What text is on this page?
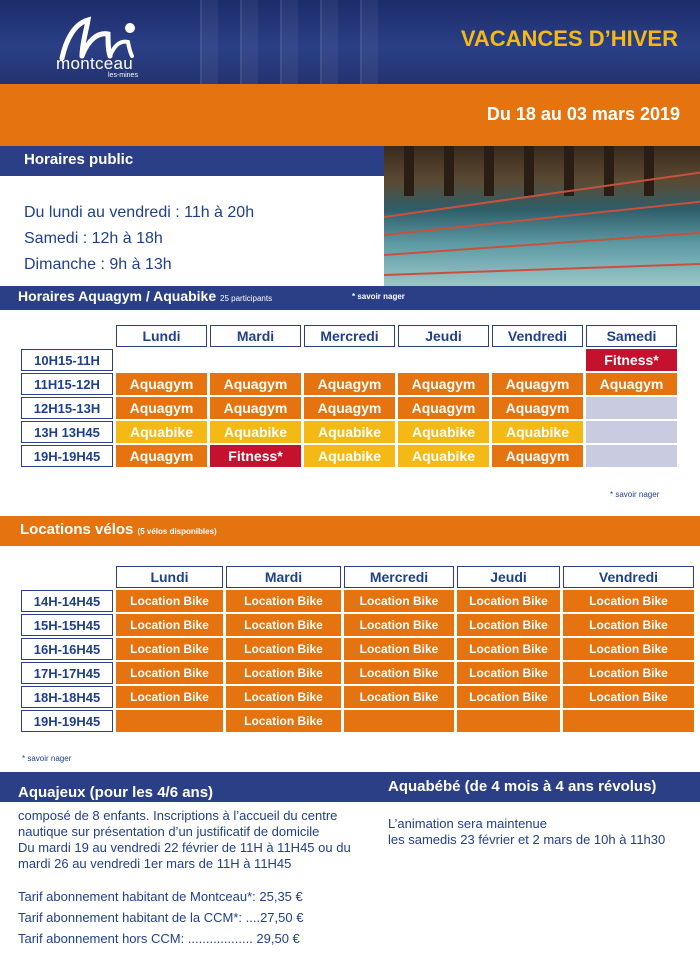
montceau
les-mines
VACANCES D’HIVER
Du 18 au 03 mars 2019
Horaires public
Du lundi au vendredi : 11h à 20h
Samedi : 12h à 18h
Dimanche : 9h à 13h
Horaires Aquagym / Aquabike 25 participants	* savoir nager
	Lundi	Mardi	Mercredi	Jeudi	Vendredi	Samedi
10H15-11H						Fitness*
11H15-12H	Aquagym	Aquagym	Aquagym	Aquagym	Aquagym	Aquagym
12H15-13H	Aquagym	Aquagym	Aquagym	Aquagym	Aquagym	
13H 13H45	Aquabike	Aquabike	Aquabike	Aquabike	Aquabike	
19H-19H45	Aquagym	Fitness*	Aquabike	Aquabike	Aquagym	
* savoir nager
Locations vélos (5 vélos disponibles)
	Lundi	Mardi	Mercredi	Jeudi	Vendredi
14H-14H45	Location Bike	Location Bike	Location Bike	Location Bike	Location Bike
15H-15H45	Location Bike	Location Bike	Location Bike	Location Bike	Location Bike
16H-16H45	Location Bike	Location Bike	Location Bike	Location Bike	Location Bike
17H-17H45	Location Bike	Location Bike	Location Bike	Location Bike	Location Bike
18H-18H45	Location Bike	Location Bike	Location Bike	Location Bike	Location Bike
19H-19H45		Location Bike			
* savoir nager
Aquajeux (pour les 4/6 ans)	Aquabébé (de 4 mois à 4 ans révolus)
composé de 8 enfants. Inscriptions à l’accueil du centre nautique sur présentation d’un justificatif de domicile
Du mardi 19 au vendredi 22 février de 11H à 11H45 ou du mardi 26 au vendredi 1er mars de 11H à 11H45
Tarif abonnement habitant de Montceau*: 25,35 €
Tarif abonnement habitant de la CCM*: ....27,50 €
Tarif abonnement hors CCM: .................. 29,50 €
L’animation sera maintenue
les samedis 23 février et 2 mars de 10h à 11h30
